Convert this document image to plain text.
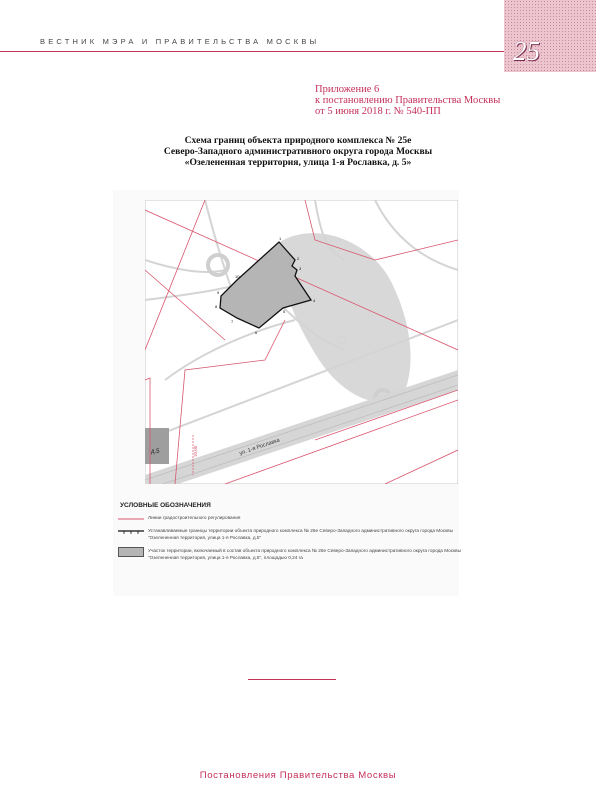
ВЕСТНИК МЭРА И ПРАВИТЕЛЬСТВА МОСКВЫ	25
Приложение 6
к постановлению Правительства Москвы
от 5 июня 2018 г. № 540-ПП
Схема границ объекта природного комплекса № 25е
Северо-Западного административного округа города Москвы
«Озелененная территория, улица 1-я Рославка, д. 5»
д.5	ул. 1-я Рославка
10,00
1
2
3
4
5
6
7
8
9
10
УСЛОВНЫЕ ОБОЗНАЧЕНИЯ
Линии градостроительного регулирования
Устанавливаемые границы территории объекта природного комплекса № 25е Северо-Западного административного округа города Москвы "Озелененная территория, улица 1-я Рославка, д.5"
Участок территории, включаемый в состав объекта природного комплекса № 25е Северо-Западного административного округа города Москвы "Озелененная территория, улица 1-я Рославка, д.5", площадью 0,24 га
Постановления Правительства Москвы
